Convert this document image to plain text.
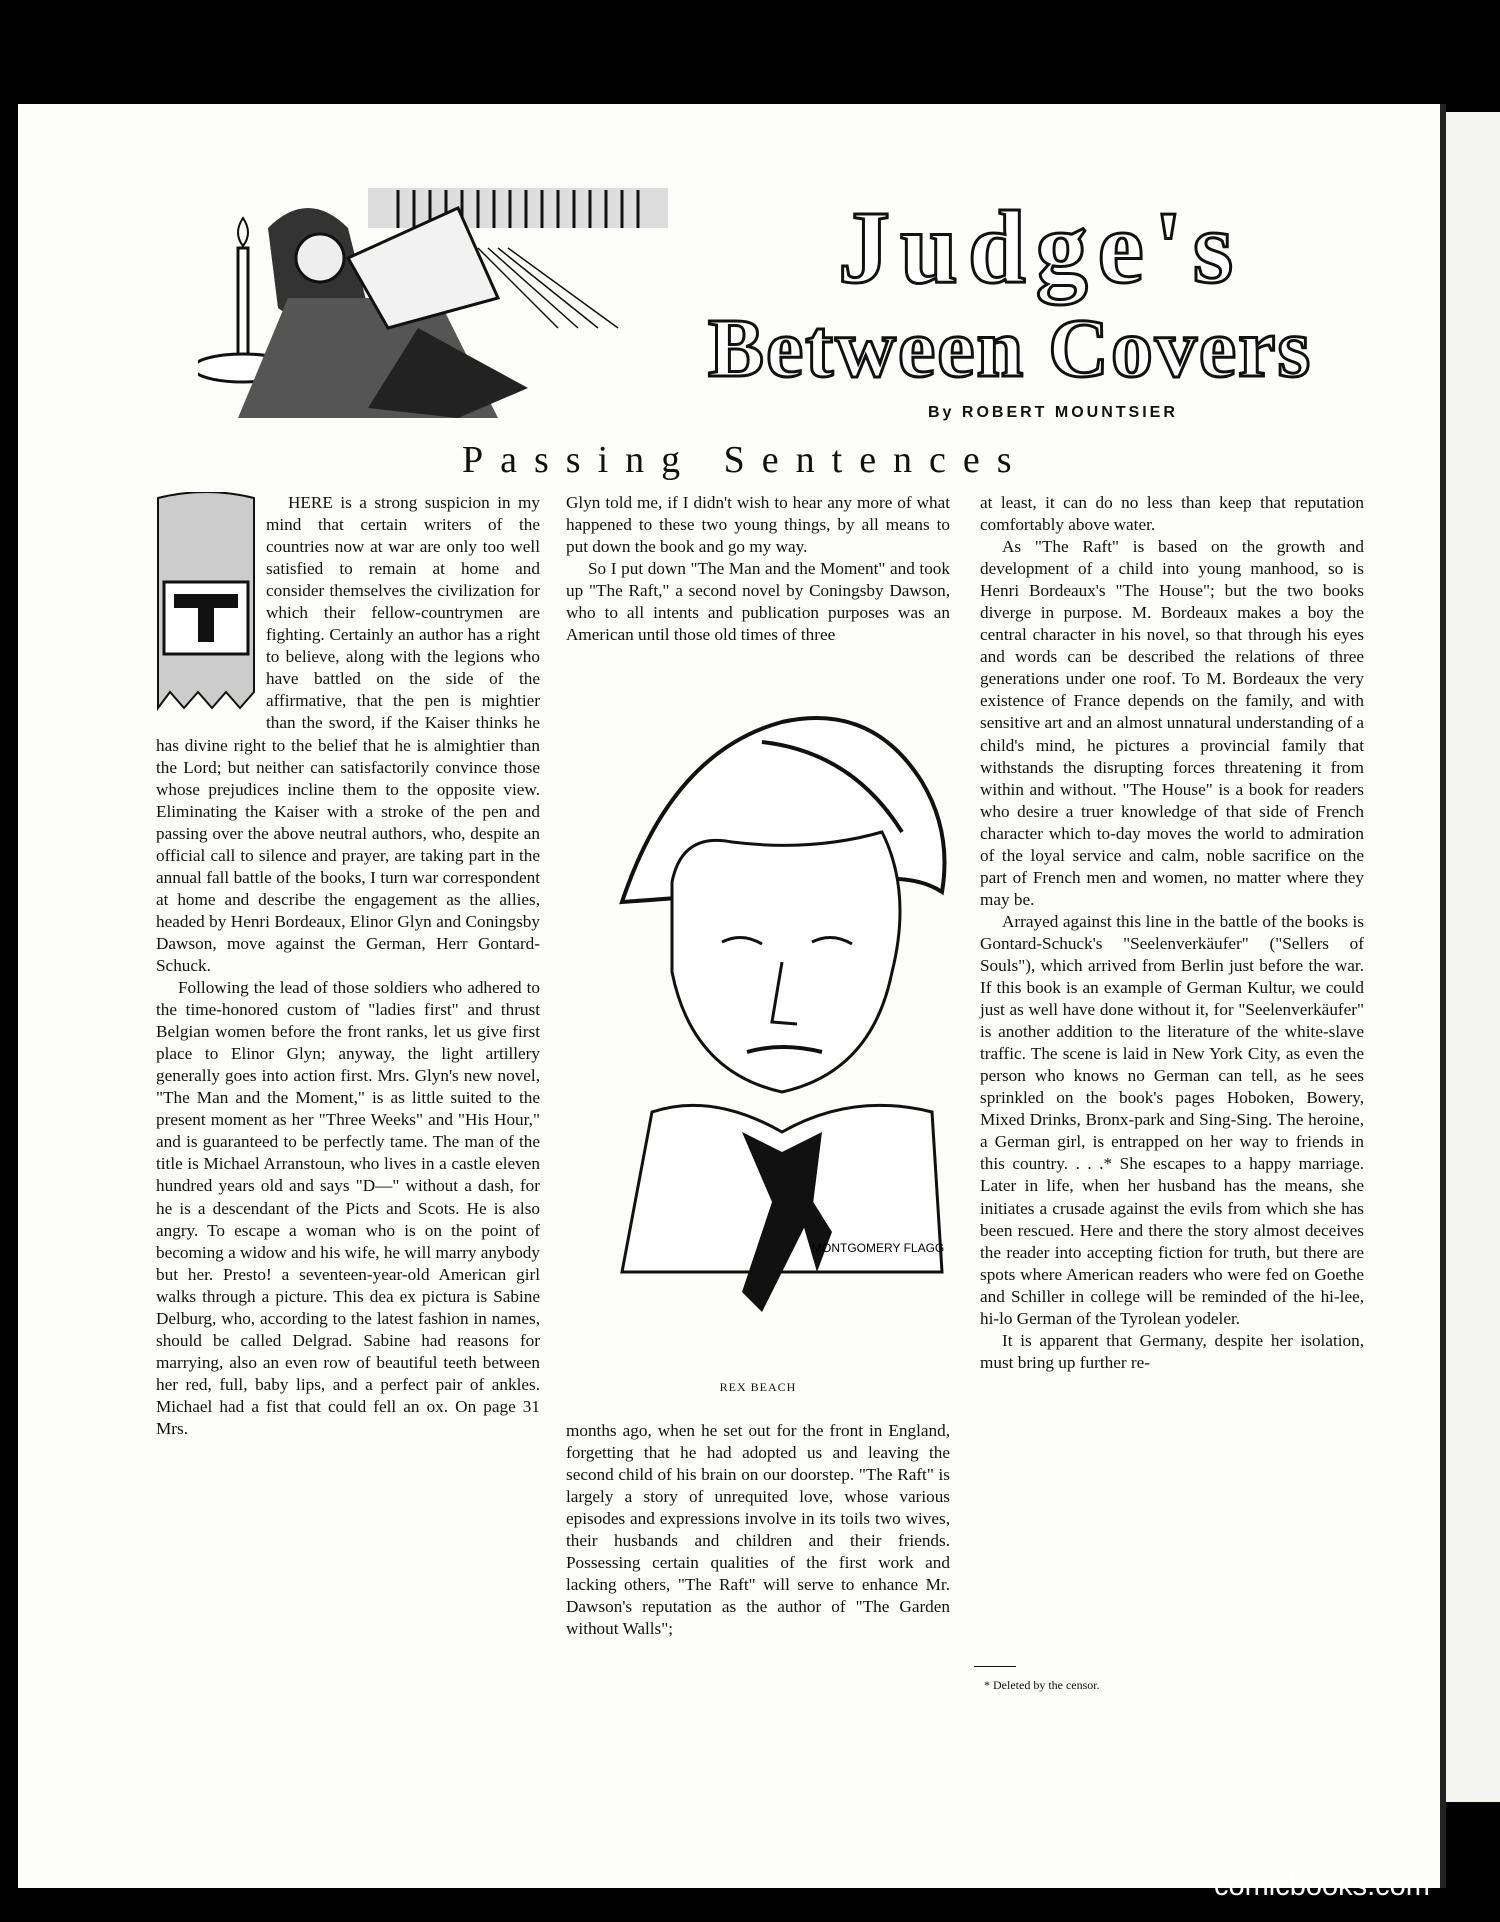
Judge's
Between Covers
By ROBERT MOUNTSIER
Passing Sentences

HERE is a strong suspicion in my mind that certain writers of the countries now at war are only too well satisfied to remain at home and consider themselves the civilization for which their fellow-countrymen are fighting. Certainly an author has a right to believe, along with the legions who have battled on the side of the affirmative, that the pen is mightier than the sword, if the Kaiser thinks he has divine right to the belief that he is almightier than the Lord; but neither can satisfactorily convince those whose prejudices incline them to the opposite view. Eliminating the Kaiser with a stroke of the pen and passing over the above neutral authors, who, despite an official call to silence and prayer, are taking part in the annual fall battle of the books, I turn war correspondent at home and describe the engagement as the allies, headed by Henri Bordeaux, Elinor Glyn and Coningsby Dawson, move against the German, Herr Gontard-Schuck.

Following the lead of those soldiers who adhered to the time-honored custom of "ladies first" and thrust Belgian women before the front ranks, let us give first place to Elinor Glyn; anyway, the light artillery generally goes into action first. Mrs. Glyn's new novel, "The Man and the Moment," is as little suited to the present moment as her "Three Weeks" and "His Hour," and is guaranteed to be perfectly tame. The man of the title is Michael Arranstoun, who lives in a castle eleven hundred years old and says "D—" without a dash, for he is a descendant of the Picts and Scots. He is also angry. To escape a woman who is on the point of becoming a widow and his wife, he will marry anybody but her. Presto! a seventeen-year-old American girl walks through a picture. This dea ex pictura is Sabine Delburg, who, according to the latest fashion in names, should be called Delgrad. Sabine had reasons for marrying, also an even row of beautiful teeth between her red, full, baby lips, and a perfect pair of ankles. Michael had a fist that could fell an ox. On page 31 Mrs.

Glyn told me, if I didn't wish to hear any more of what happened to these two young things, by all means to put down the book and go my way.

So I put down "The Man and the Moment" and took up "The Raft," a second novel by Coningsby Dawson, who to all intents and publication purposes was an American until those old times of three

MONTGOMERY FLAGG
REX BEACH

months ago, when he set out for the front in England, forgetting that he had adopted us and leaving the second child of his brain on our doorstep. "The Raft" is largely a story of unrequited love, whose various episodes and expressions involve in its toils two wives, their husbands and children and their friends. Possessing certain qualities of the first work and lacking others, "The Raft" will serve to enhance Mr. Dawson's reputation as the author of "The Garden without Walls";

at least, it can do no less than keep that reputation comfortably above water.

As "The Raft" is based on the growth and development of a child into young manhood, so is Henri Bordeaux's "The House"; but the two books diverge in purpose. M. Bordeaux makes a boy the central character in his novel, so that through his eyes and words can be described the relations of three generations under one roof. To M. Bordeaux the very existence of France depends on the family, and with sensitive art and an almost unnatural understanding of a child's mind, he pictures a provincial family that withstands the disrupting forces threatening it from within and without. "The House" is a book for readers who desire a truer knowledge of that side of French character which to-day moves the world to admiration of the loyal service and calm, noble sacrifice on the part of French men and women, no matter where they may be.

Arrayed against this line in the battle of the books is Gontard-Schuck's "Seelenverkäufer" ("Sellers of Souls"), which arrived from Berlin just before the war. If this book is an example of German Kultur, we could just as well have done without it, for "Seelenverkäufer" is another addition to the literature of the white-slave traffic. The scene is laid in New York City, as even the person who knows no German can tell, as he sees sprinkled on the book's pages Hoboken, Bowery, Mixed Drinks, Bronx-park and Sing-Sing. The heroine, a German girl, is entrapped on her way to friends in this country. . . .* She escapes to a happy marriage. Later in life, when her husband has the means, she initiates a crusade against the evils from which she has been rescued. Here and there the story almost deceives the reader into accepting fiction for truth, but there are spots where American readers who were fed on Goethe and Schiller in college will be reminded of the hi-lee, hi-lo German of the Tyrolean yodeler.

It is apparent that Germany, despite her isolation, must bring up further re-

* Deleted by the censor.
comicbooks.com
